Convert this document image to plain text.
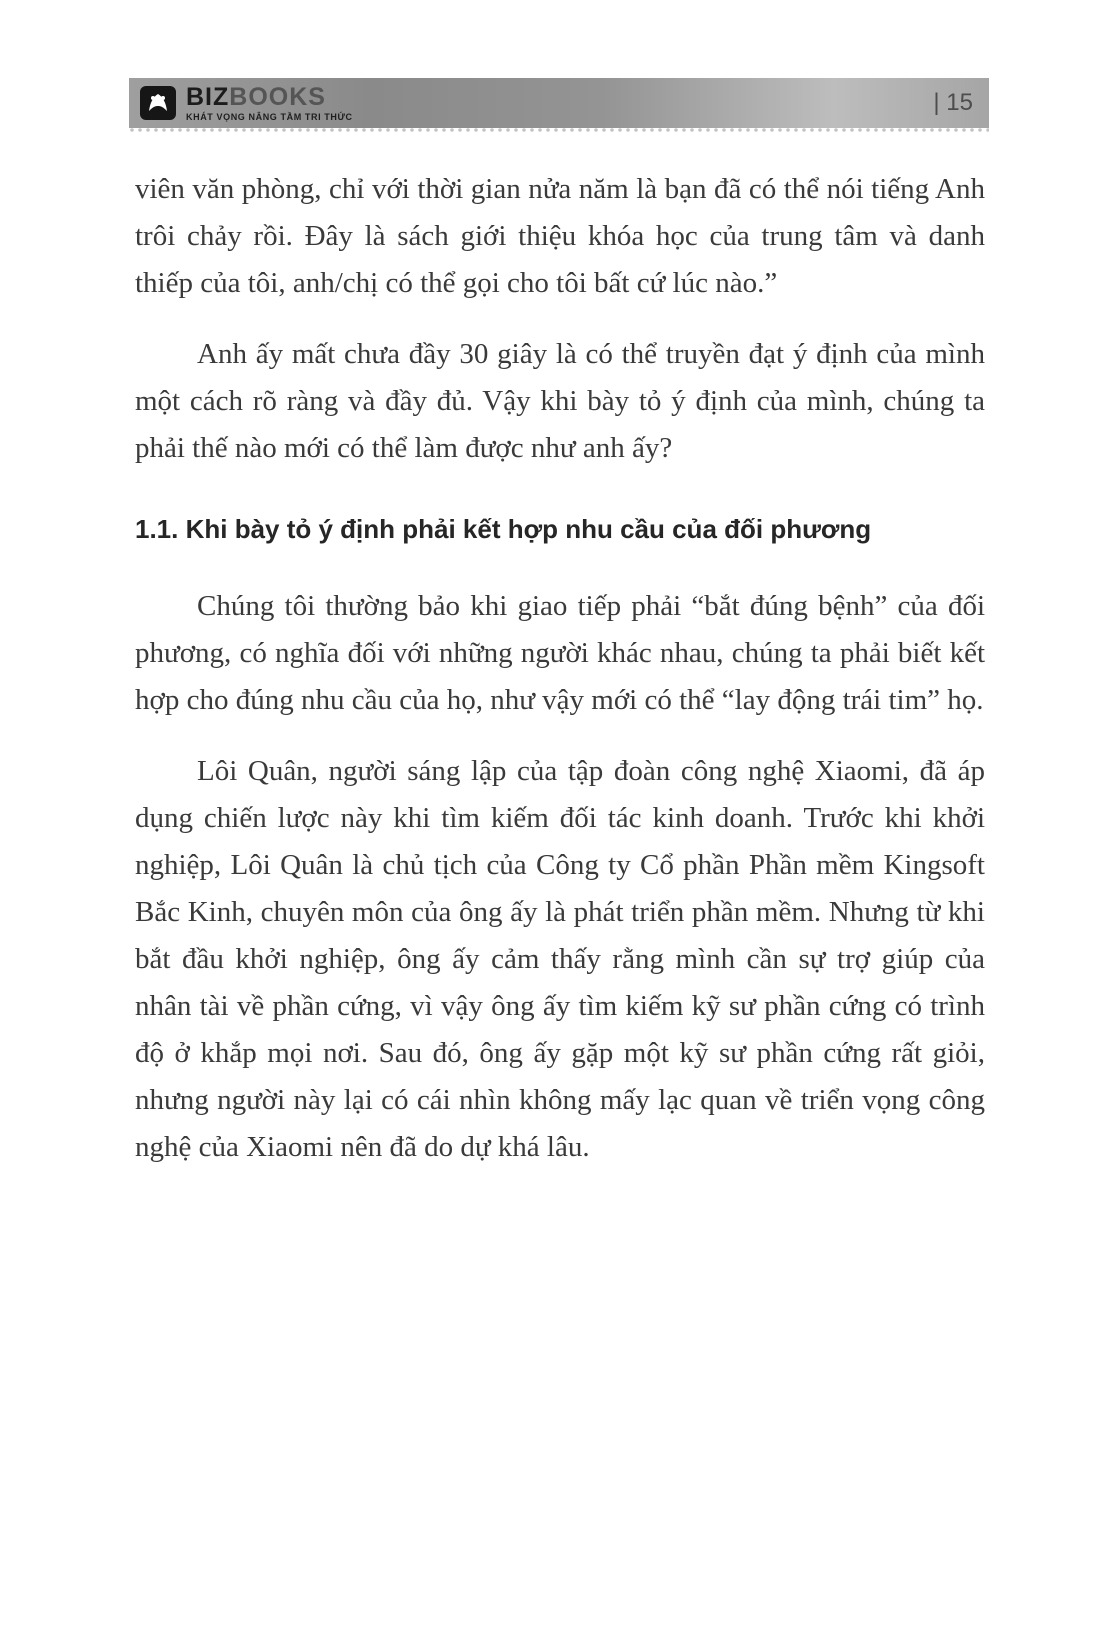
BIZBOOKS
KHÁT VỌNG NÂNG TẦM TRI THỨC
| 15

viên văn phòng, chỉ với thời gian nửa năm là bạn đã có thể nói tiếng Anh trôi chảy rồi. Đây là sách giới thiệu khóa học của trung tâm và danh thiếp của tôi, anh/chị có thể gọi cho tôi bất cứ lúc nào.”

Anh ấy mất chưa đầy 30 giây là có thể truyền đạt ý định của mình một cách rõ ràng và đầy đủ. Vậy khi bày tỏ ý định của mình, chúng ta phải thế nào mới có thể làm được như anh ấy?

1.1. Khi bày tỏ ý định phải kết hợp nhu cầu của đối phương

Chúng tôi thường bảo khi giao tiếp phải “bắt đúng bệnh” của đối phương, có nghĩa đối với những người khác nhau, chúng ta phải biết kết hợp cho đúng nhu cầu của họ, như vậy mới có thể “lay động trái tim” họ.

Lôi Quân, người sáng lập của tập đoàn công nghệ Xiaomi, đã áp dụng chiến lược này khi tìm kiếm đối tác kinh doanh. Trước khi khởi nghiệp, Lôi Quân là chủ tịch của Công ty Cổ phần Phần mềm Kingsoft Bắc Kinh, chuyên môn của ông ấy là phát triển phần mềm. Nhưng từ khi bắt đầu khởi nghiệp, ông ấy cảm thấy rằng mình cần sự trợ giúp của nhân tài về phần cứng, vì vậy ông ấy tìm kiếm kỹ sư phần cứng có trình độ ở khắp mọi nơi. Sau đó, ông ấy gặp một kỹ sư phần cứng rất giỏi, nhưng người này lại có cái nhìn không mấy lạc quan về triển vọng công nghệ của Xiaomi nên đã do dự khá lâu.
